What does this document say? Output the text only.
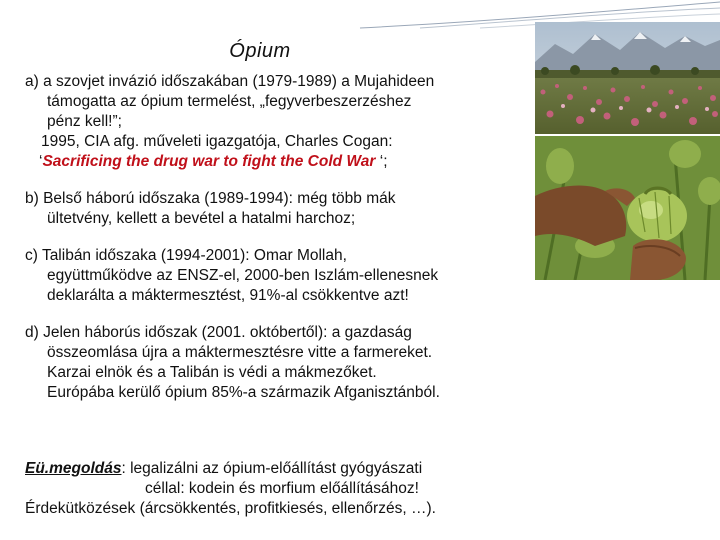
Ópium

a) a szovjet invázió időszakában (1979-1989) a Mujahideen
támogatta az ópium termelést, „fegyverbeszerzéshez
pénz kell!”;
1995, CIA afg. műveleti igazgatója, Charles Cogan:
‘Sacrificing the drug war to fight the Cold War ‘;

b) Belső háború időszaka (1989-1994): még több mák
ültetvény, kellett a bevétel a hatalmi harchoz;

c) Talibán időszaka (1994-2001): Omar Mollah,
együttműködve az ENSZ-el, 2000-ben Iszlám-ellenesnek
deklarálta a máktermesztést, 91%-al csökkentve azt!

d) Jelen háborús időszak (2001. októbertől): a gazdaság
összeomlása újra a máktermesztésre vitte a farmereket.
Karzai elnök és a Talibán is védi a mákmezőket.
Európába kerülő ópium 85%-a származik Afganisztánból.

Eü.megoldás: legalizálni az ópium-előállítást gyógyászati
céllal: kodein és morfium előállításához!
Érdekütközések (árcsökkentés, profitkiesés, ellenőrzés, …).
